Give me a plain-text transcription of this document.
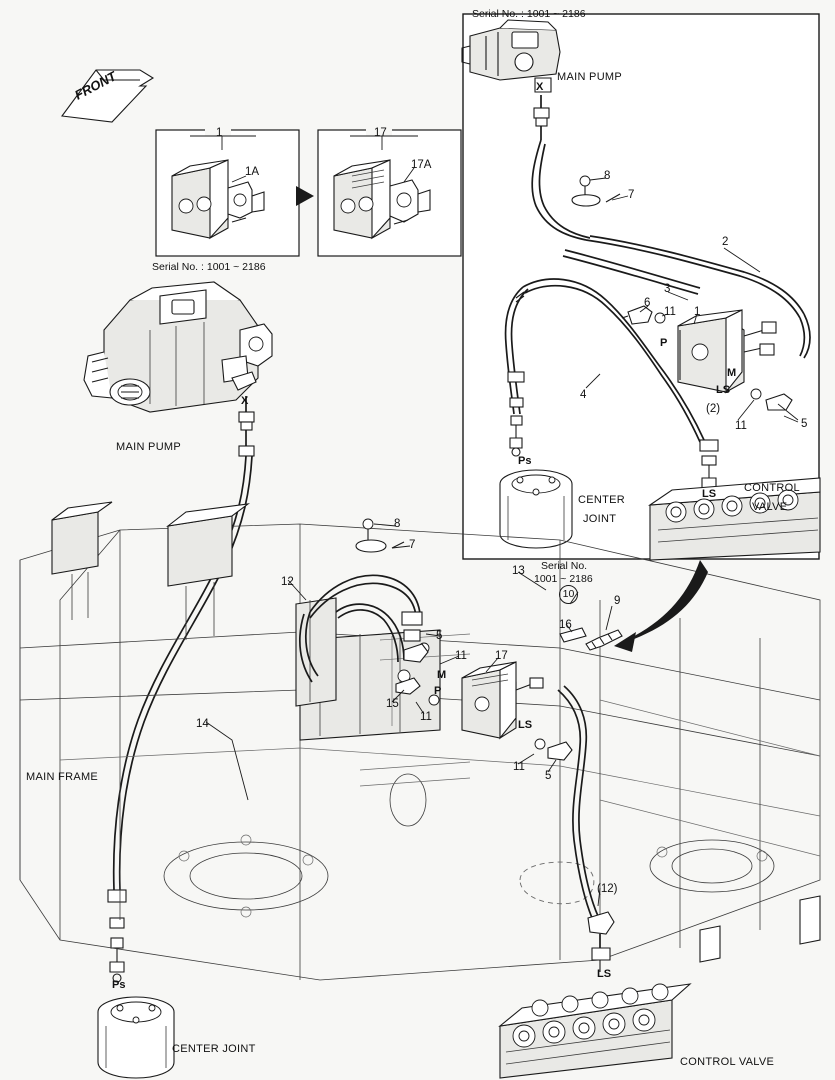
FRONT
Serial No. : 1001 ~ 2186
Serial No. : 1001 ~ 2186
1
1A
17
17A
MAIN PUMP
MAIN PUMP
CENTER
JOINT
CONTROL
VALVE
MAIN FRAME
CENTER JOINT
CONTROL VALVE
X
X
Ps
Ps
LS
LS
M
P
LS
M
P
LS
Serial No.
1001 ~ 2186
10
8
7
2
3
6
11 1
4
5
11
(2)
8
7
12
13
9
16
5
11 17
15
11
14
11
5
(12)
